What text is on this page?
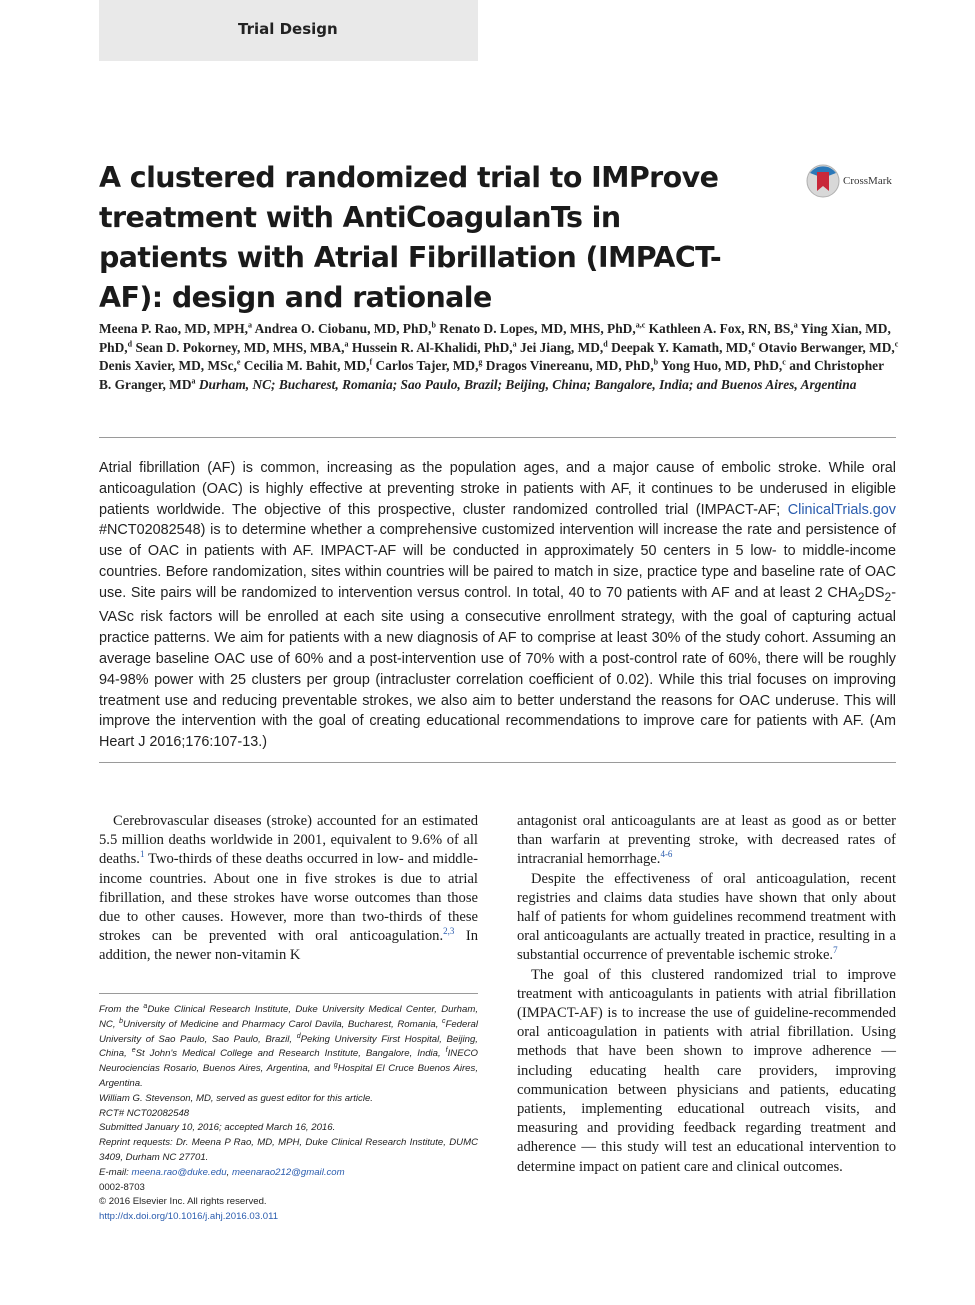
Trial Design
A clustered randomized trial to IMProve treatment with AntiCoagulanTs in patients with Atrial Fibrillation (IMPACT-AF): design and rationale
CrossMark
Meena P. Rao, MD, MPH,$^a$ Andrea O. Ciobanu, MD, PhD,$^b$ Renato D. Lopes, MD, MHS, PhD,$^{a,c}$ Kathleen A. Fox, RN, BS,$^a$ Ying Xian, MD, PhD,$^d$ Sean D. Pokorney, MD, MHS, MBA,$^a$ Hussein R. Al-Khalidi, PhD,$^a$ Jei Jiang, MD,$^d$ Deepak Y. Kamath, MD,$^e$ Otavio Berwanger, MD,$^c$ Denis Xavier, MD, MSc,$^e$ Cecilia M. Bahit, MD,$^f$ Carlos Tajer, MD,$^g$ Dragos Vinereanu, MD, PhD,$^b$ Yong Huo, MD, PhD,$^c$ and Christopher B. Granger, $MD^a$ Durham, NC; Bucharest, Romania; Sao Paulo, Brazil; Beijing, China; Bangalore, India; and Buenos Aires, Argentina

Atrial fibrillation (AF) is common, increasing as the population ages, and a major cause of embolic stroke. While oral anticoagulation (OAC) is highly effective at preventing stroke in patients with AF, it continues to be underused in eligible patients worldwide. The objective of this prospective, cluster randomized controlled trial (IMPACT-AF; ClinicalTrials.gov #NCT02082548) is to determine whether a comprehensive customized intervention will increase the rate and persistence of use of OAC in patients with AF. IMPACT-AF will be conducted in approximately 50 centers in 5 low- to middle-income countries. Before randomization, sites within countries will be paired to match in size, practice type and baseline rate of OAC use. Site pairs will be randomized to intervention versus control. In total, 40 to 70 patients with AF and at least 2 $CHA_2DS_2$-VASc risk factors will be enrolled at each site using a consecutive enrollment strategy, with the goal of capturing actual practice patterns. We aim for patients with a new diagnosis of AF to comprise at least 30% of the study cohort. Assuming an average baseline OAC use of 60% and a post-intervention use of 70% with a post-control rate of 60%, there will be roughly 94-98% power with 25 clusters per group (intracluster correlation coefficient of 0.02). While this trial focuses on improving treatment use and reducing preventable strokes, we also aim to better understand the reasons for OAC underuse. This will improve the intervention with the goal of creating educational recommendations to improve care for patients with AF. (Am Heart J 2016;176:107-13.)

Cerebrovascular diseases (stroke) accounted for an estimated 5.5 million deaths worldwide in 2001, equivalent to 9.6% of all deaths.$^1$ Two-thirds of these deaths occurred in low- and middle-income countries. About one in five strokes is due to atrial fibrillation, and these strokes have worse outcomes than those due to other causes. However, more than two-thirds of these strokes can be prevented with oral anticoagulation.$^{2,3}$ In addition, the newer non-vitamin K

From the $^a$Duke Clinical Research Institute, Duke University Medical Center, Durham, NC, $^b$University of Medicine and Pharmacy Carol Davila, Bucharest, Romania, $^c$Federal University of Sao Paulo, Sao Paulo, Brazil, $^d$Peking University First Hospital, Beijing, China, $^e$St John's Medical College and Research Institute, Bangalore, India, $^f$INECO Neurociencias Rosario, Buenos Aires, Argentina, and $^g$Hospital El Cruce Buenos Aires, Argentina.

William G. Stevenson, MD, served as guest editor for this article.

RCT# NCT02082548

Submitted January 10, 2016; accepted March 16, 2016.

Reprint requests: Dr. Meena P Rao, MD, MPH, Duke Clinical Research Institute, DUMC 3409, Durham NC 27701.

E-mail: meena.rao@duke.edu, meenarao212@gmail.com

0002-8703

© 2016 Elsevier Inc. All rights reserved.

http://dx.doi.org/10.1016/j.ahj.2016.03.011

antagonist oral anticoagulants are at least as good as or better than warfarin at preventing stroke, with decreased rates of intracranial hemorrhage.$^{4-6}$

Despite the effectiveness of oral anticoagulation, recent registries and claims data studies have shown that only about half of patients for whom guidelines recommend treatment with oral anticoagulants are actually treated in practice, resulting in a substantial occurrence of preventable ischemic stroke.$^7$

The goal of this clustered randomized trial to improve treatment with anticoagulants in patients with atrial fibrillation (IMPACT-AF) is to increase the use of guideline-recommended oral anticoagulation in patients with atrial fibrillation. Using methods that have been shown to improve adherence — including educating health care providers, improving communication between physicians and patients, educating patients, implementing educational outreach visits, and measuring and providing feedback regarding treatment and adherence — this study will test an educational intervention to determine impact on patient care and clinical outcomes.
